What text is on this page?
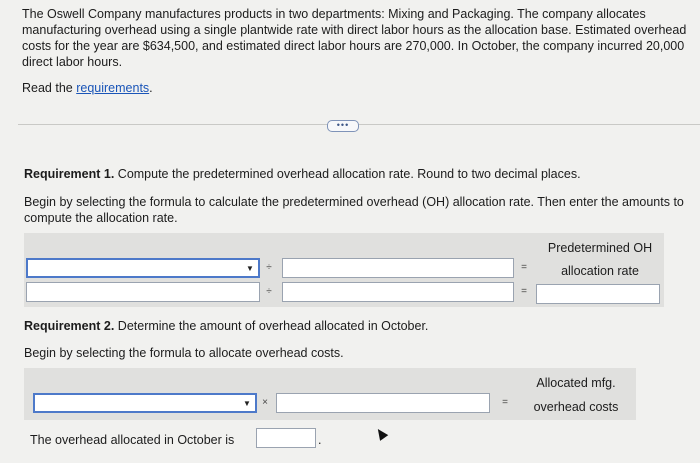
The Oswell Company manufactures products in two departments: Mixing and Packaging. The company allocates manufacturing overhead using a single plantwide rate with direct labor hours as the allocation base. Estimated overhead costs for the year are $634,500, and estimated direct labor hours are 270,000. In October, the company incurred 20,000 direct labor hours.
Read the requirements.
•••
Requirement 1. Compute the predetermined overhead allocation rate. Round to two decimal places.
Begin by selecting the formula to calculate the predetermined overhead (OH) allocation rate. Then enter the amounts to compute the allocation rate.
Predetermined OH
allocation rate
▼ ÷	=
÷	=
Requirement 2. Determine the amount of overhead allocated in October.
Begin by selecting the formula to allocate overhead costs.
Allocated mfg.
overhead costs
▼ ×	=
The overhead allocated in October is	.
